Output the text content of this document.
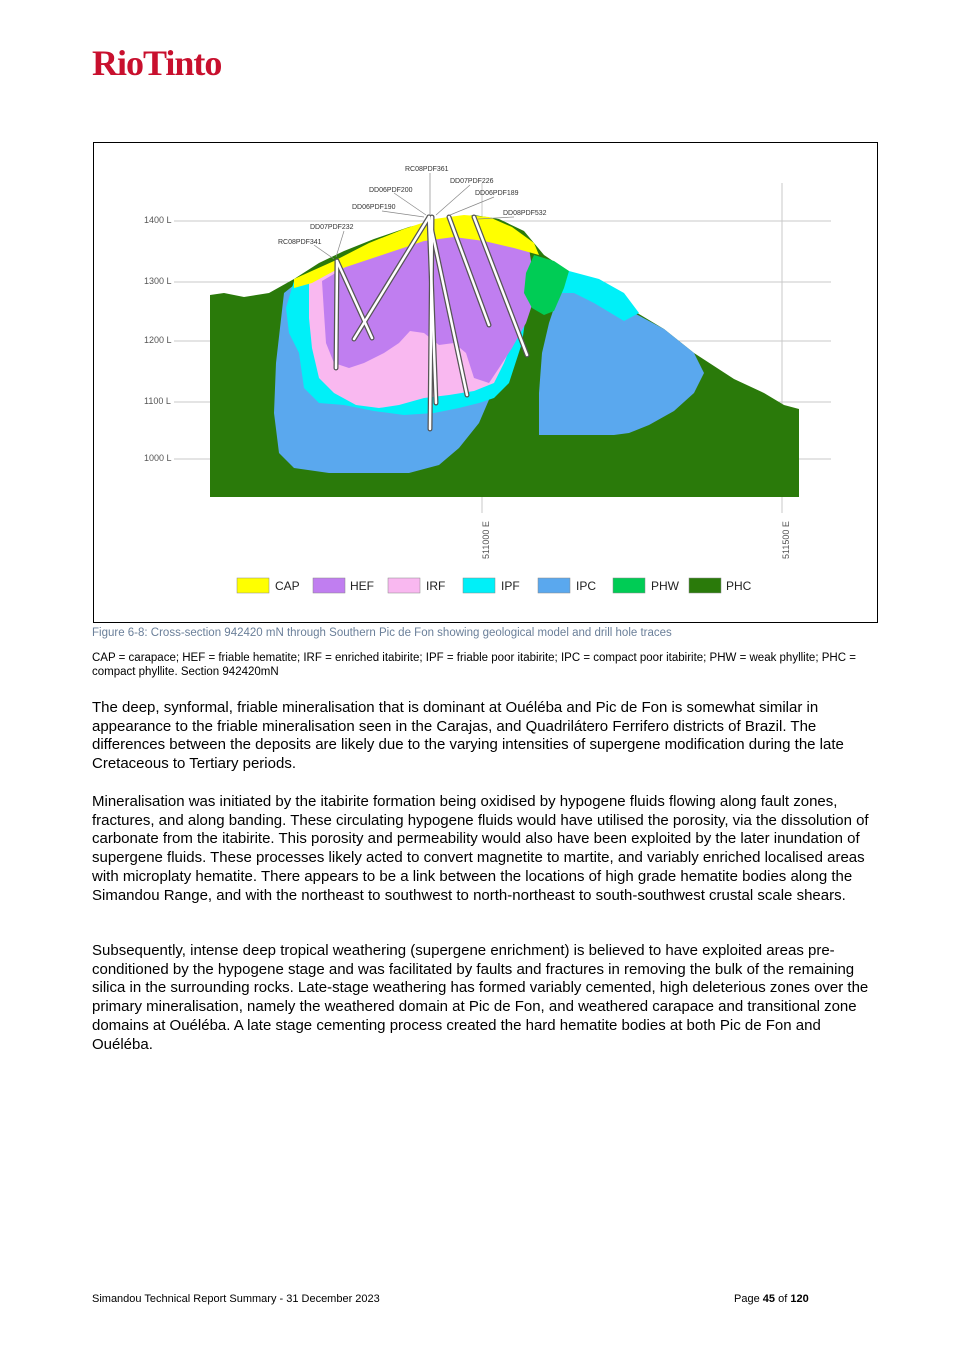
RioTinto
RC08PDF361
DD07PDF226
DD06PDF200	DD06PDF189
DD06PDF190
DD08PDF532
DD07PDF232
RC08PDF341
1400 L
1300 L
1200 L
1100 L
1000 L
511000 E	511500 E
CAP	HEF	IRF	IPF	IPC	PHW	PHC
Figure 6-8: Cross-section 942420 mN through Southern Pic de Fon showing geological model and drill hole traces
CAP = carapace; HEF = friable hematite; IRF = enriched itabirite; IPF = friable poor itabirite; IPC = compact poor itabirite; PHW = weak phyllite; PHC = compact phyllite. Section 942420mN

The deep, synformal, friable mineralisation that is dominant at Ouéléba and Pic de Fon is somewhat similar in appearance to the friable mineralisation seen in the Carajas, and Quadrilátero Ferrifero districts of Brazil. The differences between the deposits are likely due to the varying intensities of supergene modification during the late Cretaceous to Tertiary periods.

Mineralisation was initiated by the itabirite formation being oxidised by hypogene fluids flowing along fault zones, fractures, and along banding. These circulating hypogene fluids would have utilised the porosity, via the dissolution of carbonate from the itabirite. This porosity and permeability would also have been exploited by the later inundation of supergene fluids. These processes likely acted to convert magnetite to martite, and variably enriched localised areas with microplaty hematite. There appears to be a link between the locations of high grade hematite bodies along the Simandou Range, and with the northeast to southwest to north-northeast to south-southwest crustal scale shears.

Subsequently, intense deep tropical weathering (supergene enrichment) is believed to have exploited areas pre-conditioned by the hypogene stage and was facilitated by faults and fractures in removing the bulk of the remaining silica in the surrounding rocks. Late-stage weathering has formed variably cemented, high deleterious zones over the primary mineralisation, namely the weathered domain at Pic de Fon, and weathered carapace and transitional zone domains at Ouéléba. A late stage cementing process created the hard hematite bodies at both Pic de Fon and Ouéléba.

Simandou Technical Report Summary - 31 December 2023	Page 45 of 120
